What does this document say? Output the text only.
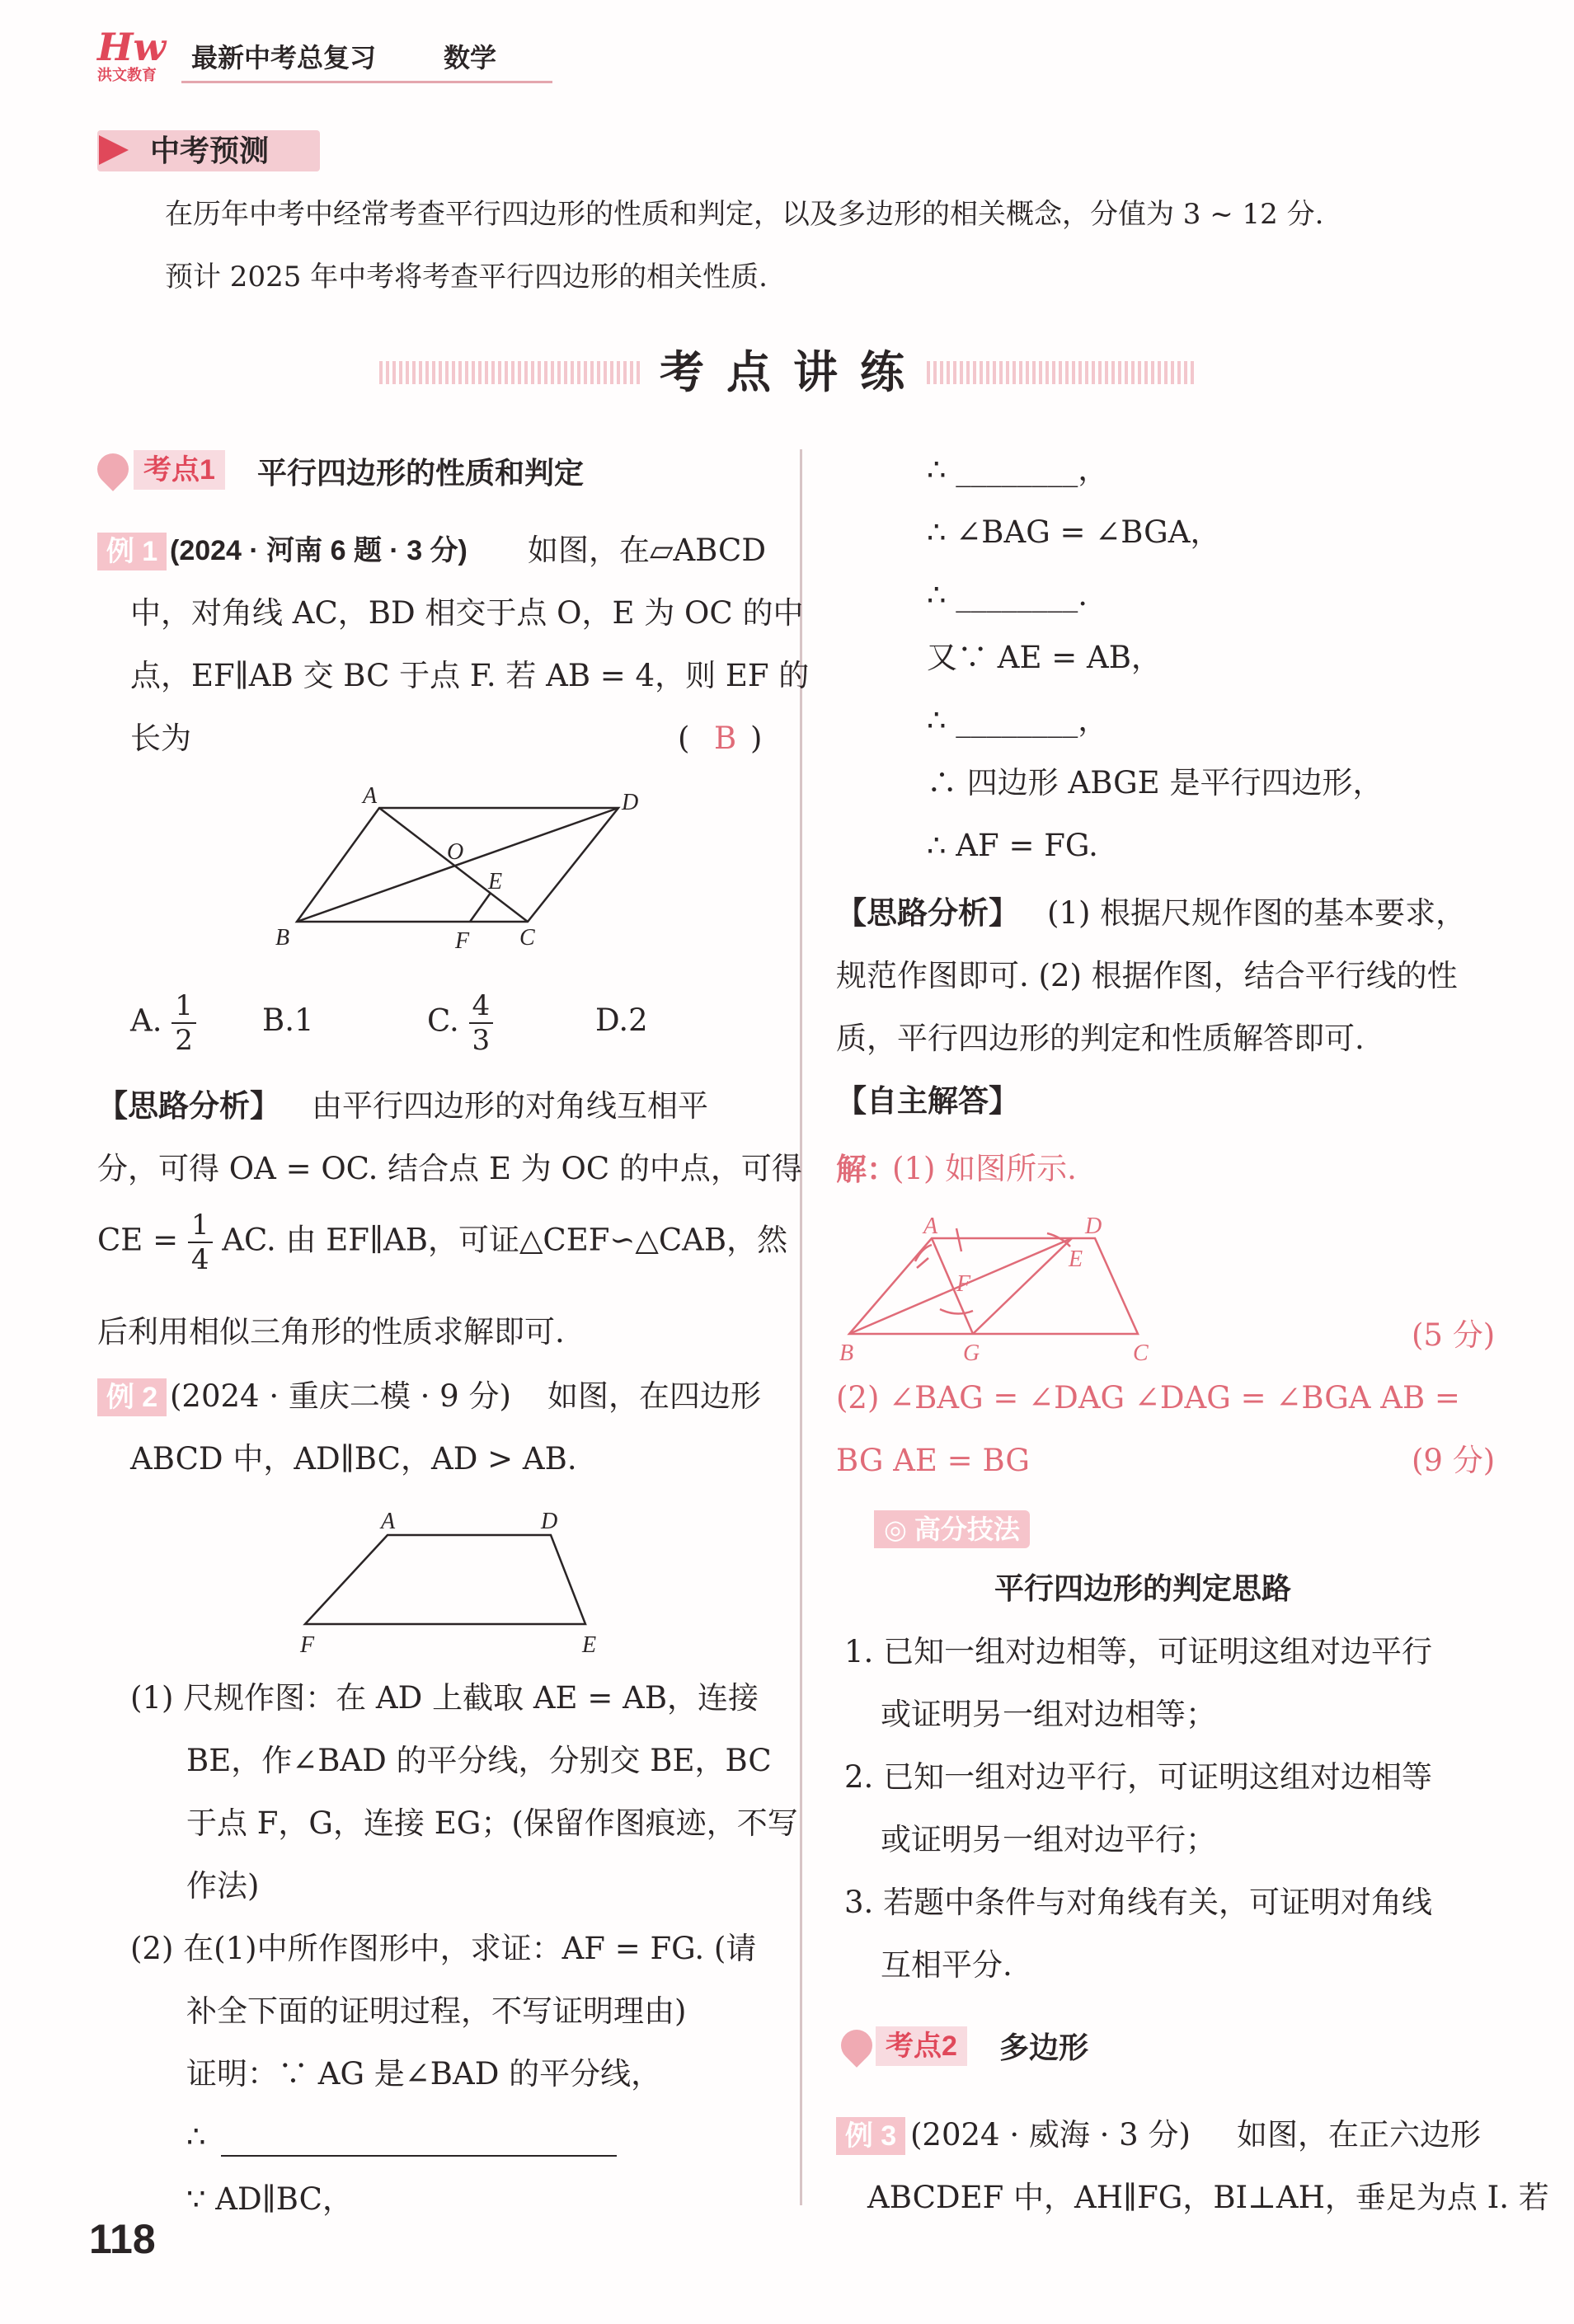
Hw
洪文教育
最新中考总复习	数学
中考预测
在历年中考中经常考查平行四边形的性质和判定，以及多边形的相关概念，分值为 3 ~ 12 分.
预计 2025 年中考将考查平行四边形的相关性质.
考 点 讲 练
考点1	平行四边形的性质和判定
例 1 (2024 · 河南 6 题 · 3 分) 如图，在▱ABCD
中，对角线 AC，BD 相交于点 O，E 为 OC 的中
点，EF∥AB 交 BC 于点 F. 若 AB = 4，则 EF 的
长为	( B )
A	D
O
E
B	F C
A. $\frac{1}{2} B.1$	C. $\frac{4}{3}$	D.2
【思路分析】 由平行四边形的对角线互相平
分，可得 OA = OC. 结合点 E 为 OC 的中点，可得
CE = $\frac{1}{4}$ AC. 由 EF∥AB，可证△CEF∽△CAB，然
后利用相似三角形的性质求解即可.
例 2 (2024 · 重庆二模 · 9 分) 如图，在四边形
ABCD 中，AD∥BC，AD > AB.
A	D
F	E
(1) 尺规作图：在 AD 上截取 AE = AB，连接
BE，作∠BAD 的平分线，分别交 BE，BC
于点 F，G，连接 EG；(保留作图痕迹，不写
作法)
(2) 在(1)中所作图形中，求证：AF = FG. (请
补全下面的证明过程，不写证明理由)
证明：∵ AG 是∠BAD 的平分线，
∴
∵ AD∥BC，
118
∴ ________，
∴ ∠BAG = ∠BGA，
∴ ________.
又∵ AE = AB，
∴ ________，
∴ 四边形 ABGE 是平行四边形，
∴ AF = FG.
【思路分析】 (1) 根据尺规作图的基本要求，
规范作图即可. (2) 根据作图，结合平行线的性
质，平行四边形的判定和性质解答即可.
【自主解答】
解：
(1) 如图所示.
A	D
F
E
B	G	C
(5 分)
(2) ∠BAG = ∠DAG ∠DAG = ∠BGA AB =
BG AE = BG	(9 分)
◎ 高分技法
平行四边形的判定思路
1. 已知一组对边相等，可证明这组对边平行
或证明另一组对边相等；
2. 已知一组对边平行，可证明这组对边相等
或证明另一组对边平行；
3. 若题中条件与对角线有关，可证明对角线
互相平分.
考点2	多边形
例 3 (2024 · 威海 · 3 分) 如图，在正六边形
ABCDEF 中，AH∥FG，BI⊥AH，垂足为点 I. 若
